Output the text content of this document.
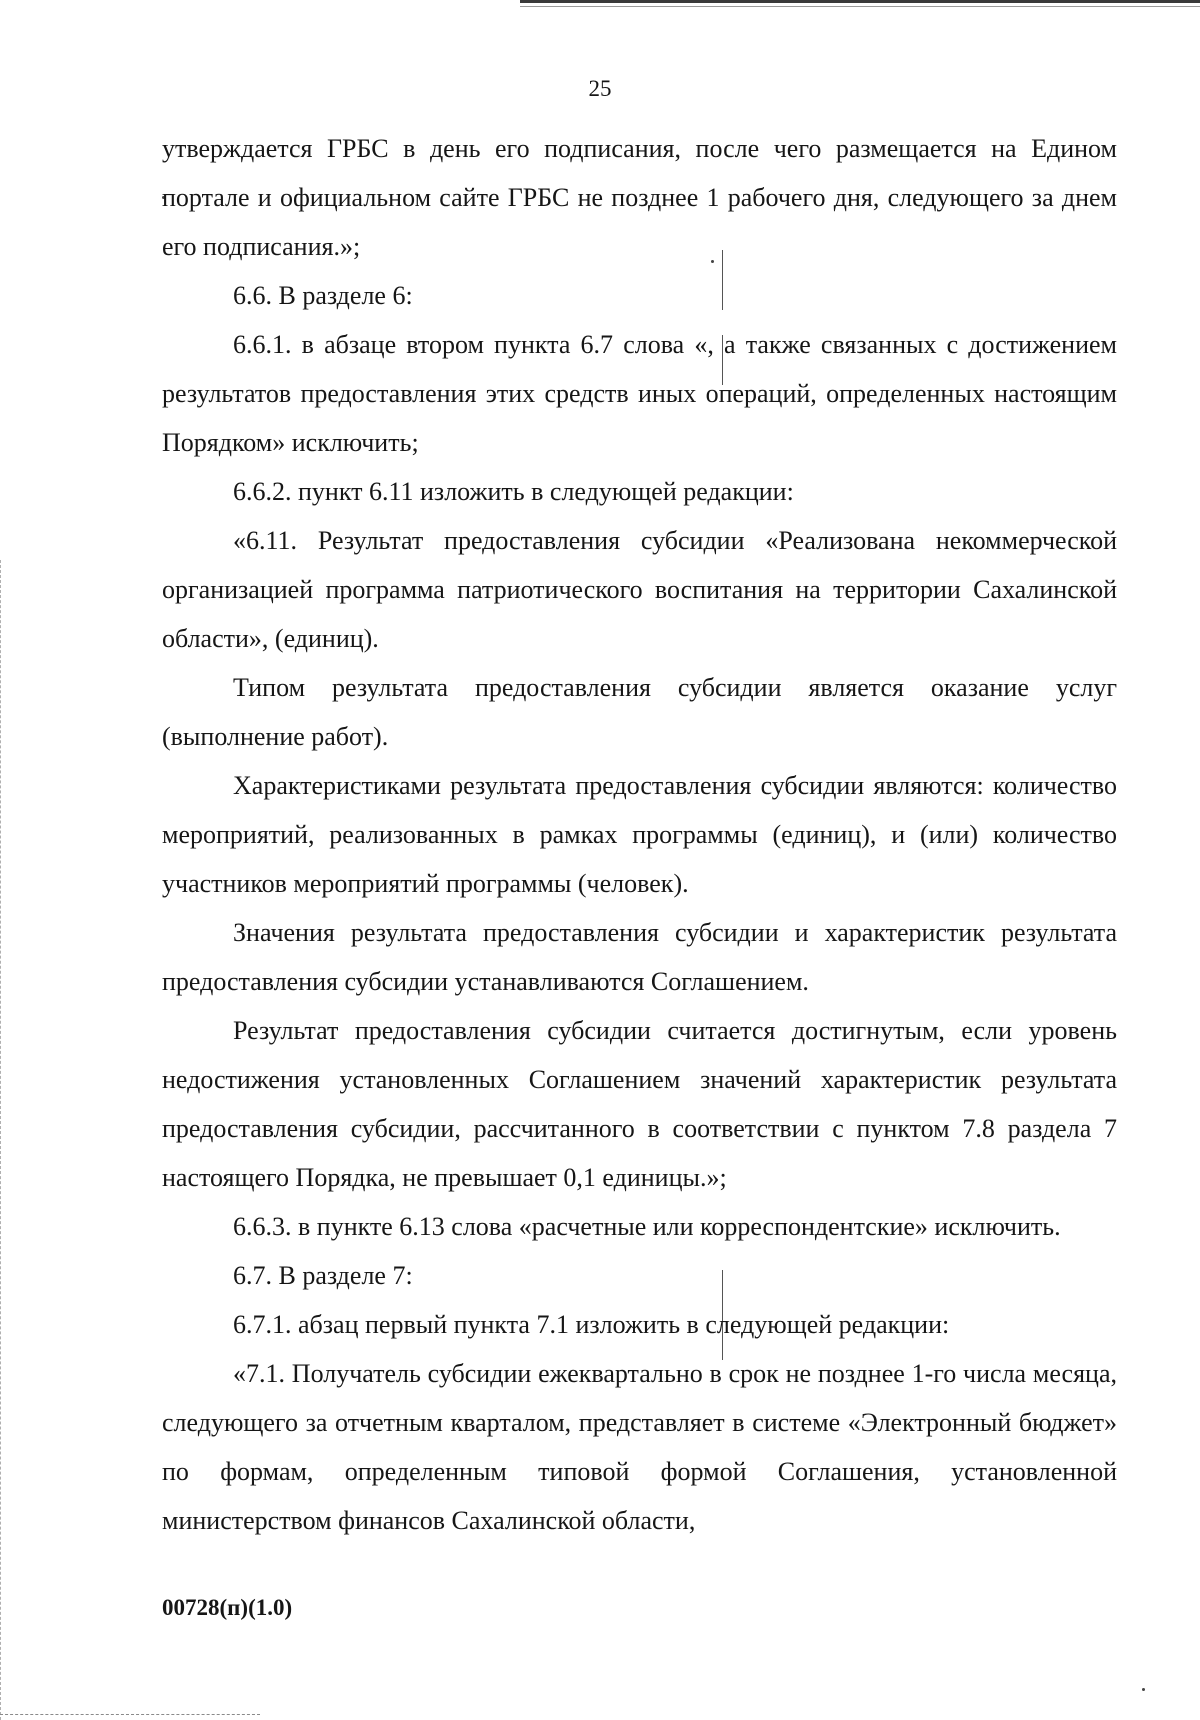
25

утверждается ГРБС в день его подписания, после чего размещается на Едином портале и официальном сайте ГРБС не позднее 1 рабочего дня, следующего за днем его подписания.»;

6.6. В разделе 6:

6.6.1. в абзаце втором пункта 6.7 слова «, а также связанных с достижением результатов предоставления этих средств иных операций, определенных настоящим Порядком» исключить;

6.6.2. пункт 6.11 изложить в следующей редакции:

«6.11. Результат предоставления субсидии «Реализована некоммерческой организацией программа патриотического воспитания на территории Сахалинской области», (единиц).

Типом результата предоставления субсидии является оказание услуг (выполнение работ).

Характеристиками результата предоставления субсидии являются: количество мероприятий, реализованных в рамках программы (единиц), и (или) количество участников мероприятий программы (человек).

Значения результата предоставления субсидии и характеристик результата предоставления субсидии устанавливаются Соглашением.

Результат предоставления субсидии считается достигнутым, если уровень недостижения установленных Соглашением значений характеристик результата предоставления субсидии, рассчитанного в соответствии с пунктом 7.8 раздела 7 настоящего Порядка, не превышает 0,1 единицы.»;

6.6.3. в пункте 6.13 слова «расчетные или корреспондентские» исключить.

6.7. В разделе 7:

6.7.1. абзац первый пункта 7.1 изложить в следующей редакции:

«7.1. Получатель субсидии ежеквартально в срок не позднее 1-го числа месяца, следующего за отчетным кварталом, представляет в системе «Электронный бюджет» по формам, определенным типовой формой Соглашения, установленной министерством финансов Сахалинской области,

00728(п)(1.0)
